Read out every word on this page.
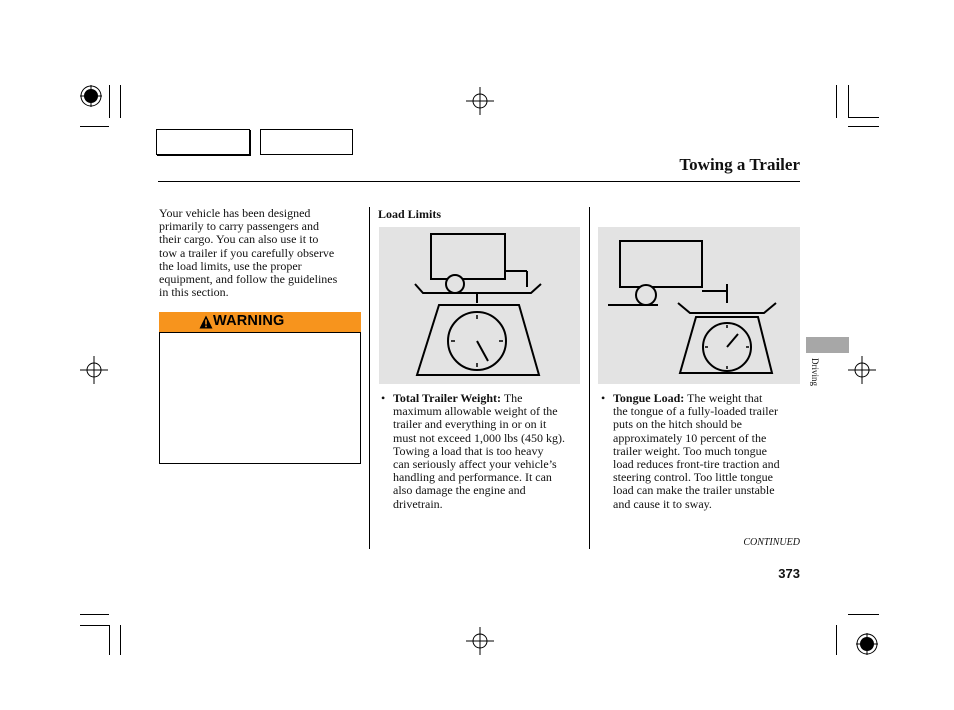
Towing a Trailer
Your vehicle has been designed
primarily to carry passengers and
their cargo. You can also use it to
tow a trailer if you carefully observe
the load limits, use the proper
equipment, and follow the guidelines
in this section.
WARNING
Load Limits
• Total Trailer Weight: The
maximum allowable weight of the
trailer and everything in or on it
must not exceed 1,000 lbs (450 kg).
Towing a load that is too heavy
can seriously affect your vehicle’s
handling and performance. It can
also damage the engine and
drivetrain.
• Tongue Load: The weight that
the tongue of a fully-loaded trailer
puts on the hitch should be
approximately 10 percent of the
trailer weight. Too much tongue
load reduces front-tire traction and
steering control. Too little tongue
load can make the trailer unstable
and cause it to sway.
Driving
CONTINUED
373
